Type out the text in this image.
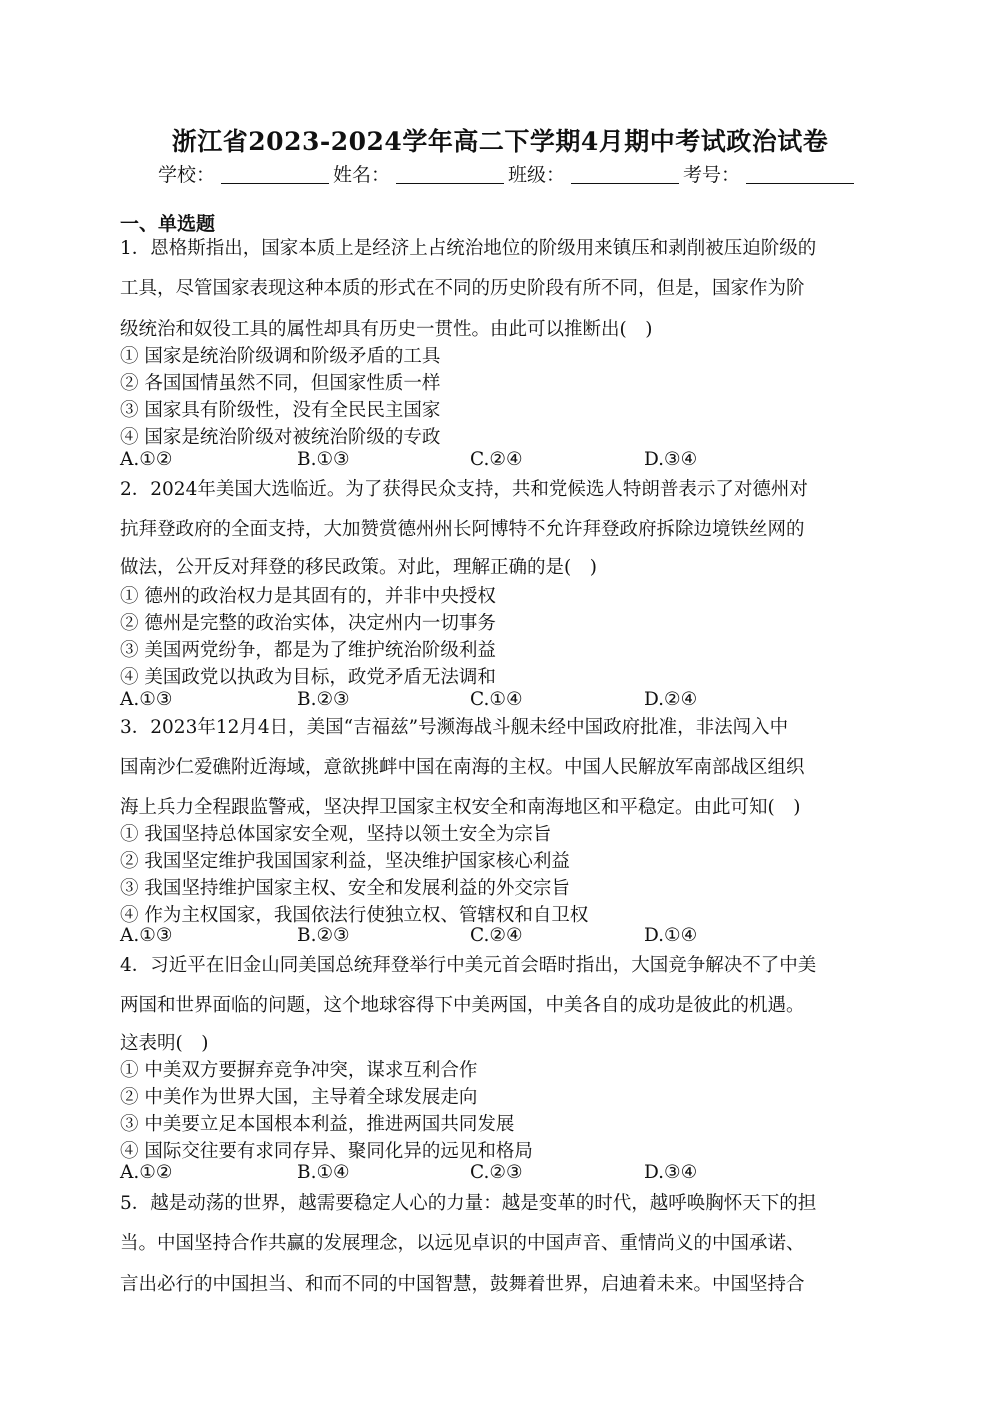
浙江省2023-2024学年高二下学期4月期中考试政治试卷
学校：	姓名：	班级：	考号：
一、单选题
1．恩格斯指出，国家本质上是经济上占统治地位的阶级用来镇压和剥削被压迫阶级的
工具，尽管国家表现这种本质的形式在不同的历史阶段有所不同，但是，国家作为阶
级统治和奴役工具的属性却具有历史一贯性。由此可以推断出(　)
① 国家是统治阶级调和阶级矛盾的工具
② 各国国情虽然不同，但国家性质一样
③ 国家具有阶级性，没有全民民主国家
④ 国家是统治阶级对被统治阶级的专政
A.①②	B.①③	C.②④	D.③④
2．2024年美国大选临近。为了获得民众支持，共和党候选人特朗普表示了对德州对
抗拜登政府的全面支持，大加赞赏德州州长阿博特不允许拜登政府拆除边境铁丝网的
做法，公开反对拜登的移民政策。对此，理解正确的是(　)
① 德州的政治权力是其固有的，并非中央授权
② 德州是完整的政治实体，决定州内一切事务
③ 美国两党纷争，都是为了维护统治阶级利益
④ 美国政党以执政为目标，政党矛盾无法调和
A.①③	B.②③	C.①④	D.②④
3．2023年12月4日，美国“吉福兹”号濒海战斗舰未经中国政府批准，非法闯入中
国南沙仁爱礁附近海域，意欲挑衅中国在南海的主权。中国人民解放军南部战区组织
海上兵力全程跟监警戒，坚决捍卫国家主权安全和南海地区和平稳定。由此可知(　)
① 我国坚持总体国家安全观，坚持以领土安全为宗旨
② 我国坚定维护我国国家利益，坚决维护国家核心利益
③ 我国坚持维护国家主权、安全和发展利益的外交宗旨
④ 作为主权国家，我国依法行使独立权、管辖权和自卫权
A.①③	B.②③	C.②④	D.①④
4．习近平在旧金山同美国总统拜登举行中美元首会晤时指出，大国竞争解决不了中美
两国和世界面临的问题，这个地球容得下中美两国，中美各自的成功是彼此的机遇。
这表明(　)
① 中美双方要摒弃竞争冲突，谋求互利合作
② 中美作为世界大国，主导着全球发展走向
③ 中美要立足本国根本利益，推进两国共同发展
④ 国际交往要有求同存异、聚同化异的远见和格局
A.①②	B.①④	C.②③	D.③④
5．越是动荡的世界，越需要稳定人心的力量：越是变革的时代，越呼唤胸怀天下的担
当。中国坚持合作共赢的发展理念，以远见卓识的中国声音、重情尚义的中国承诺、
言出必行的中国担当、和而不同的中国智慧，鼓舞着世界，启迪着未来。中国坚持合
